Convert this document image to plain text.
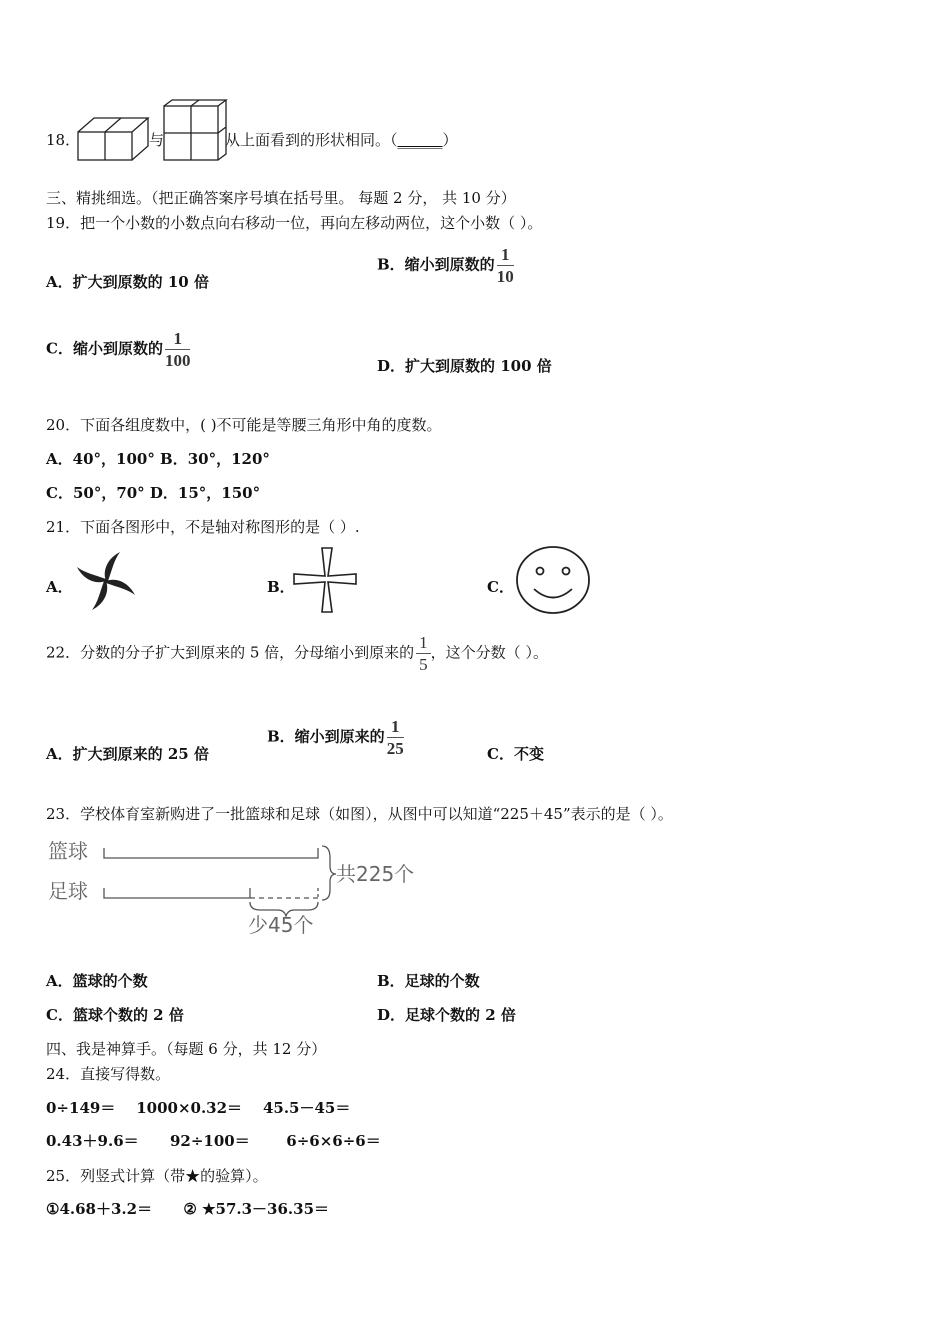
18．	与	从上面看到的形状相同。（______）
三、精挑细选。（把正确答案序号填在括号里。 每题 2 分， 共 10 分）
19．把一个小数的小数点向右移动一位，再向左移动两位，这个小数（ ）。
A．扩大到原数的 10 倍
B．缩小到原数的 $\frac{1}{10}$
C．缩小到原数的 $\frac{1}{100}$	D．扩大到原数的 100 倍
20．下面各组度数中，( )不可能是等腰三角形中角的度数。
A．40°，100° B．30°，120°
C．50°，70° D．15°，150°
21．下面各图形中，不是轴对称图形的是（ ）.
A．	B．	C．
22．分数的分子扩大到原来的 5 倍，分母缩小到原来的 $\frac{1}{5}$ ，这个分数（ ）。
A．扩大到原来的 25 倍
B．缩小到原来的 $\frac{1}{25}$	C．不变
23．学校体育室新购进了一批篮球和足球（如图），从图中可以知道“225＋45”表示的是（ ）。
篮球
足球
共225个
少45个
A．篮球的个数	B．足球的个数
C．篮球个数的 2 倍	D．足球个数的 2 倍
四、我是神算手。（每题 6 分，共 12 分）
24．直接写得数。
0÷149＝    1000×0.32＝    45.5－45＝
0.43＋9.6＝      92÷100＝       6÷6×6÷6＝
25．列竖式计算（带★的验算）。
①4.68＋3.2＝      ② ★57.3－36.35＝
